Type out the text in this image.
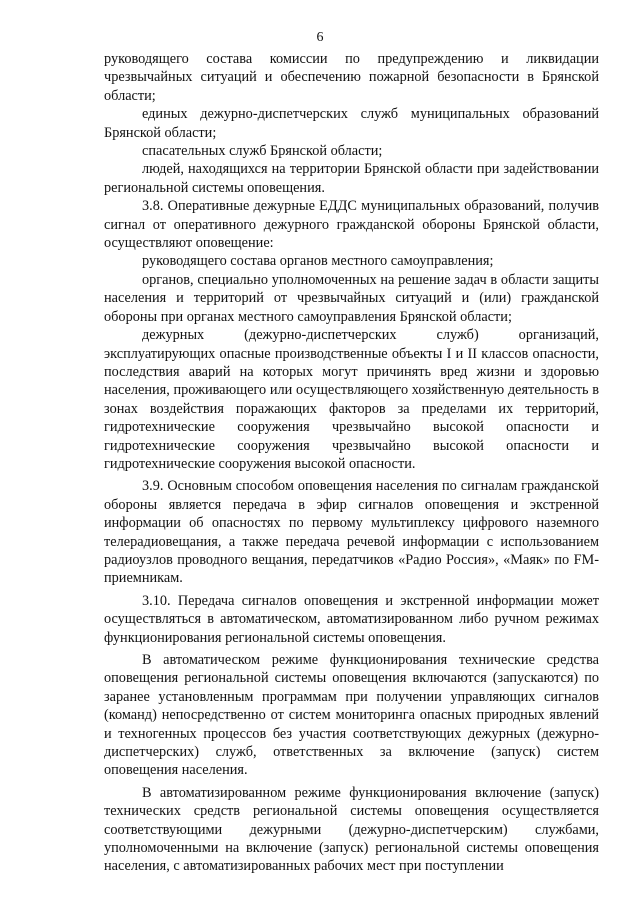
6

руководящего состава комиссии по предупреждению и ликвидации чрезвычайных ситуаций и обеспечению пожарной безопасности в Брянской области;

единых дежурно-диспетчерских служб муниципальных образований Брянской области;

спасательных служб Брянской области;

людей, находящихся на территории Брянской области при задействовании региональной системы оповещения.

3.8. Оперативные дежурные ЕДДС муниципальных образований, получив сигнал от оперативного дежурного гражданской обороны Брянской области, осуществляют оповещение:

руководящего состава органов местного самоуправления;

органов, специально уполномоченных на решение задач в области защиты населения и территорий от чрезвычайных ситуаций и (или) гражданской обороны при органах местного самоуправления Брянской области;

дежурных (дежурно-диспетчерских служб) организаций, эксплуатирующих опасные производственные объекты I и II классов опасности, последствия аварий на которых могут причинять вред жизни и здоровью населения, проживающего или осуществляющего хозяйственную деятельность в зонах воздействия поражающих факторов за пределами их территорий, гидротехнические сооружения чрезвычайно высокой опасности и гидротехнические сооружения чрезвычайно высокой опасности и гидротехнические сооружения высокой опасности.

3.9. Основным способом оповещения населения по сигналам гражданской обороны является передача в эфир сигналов оповещения и экстренной информации об опасностях по первому мультиплексу цифрового наземного телерадиовещания, а также передача речевой информации с использованием радиоузлов проводного вещания, передатчиков «Радио Россия», «Маяк» по FM-приемникам.

3.10. Передача сигналов оповещения и экстренной информации может осуществляться в автоматическом, автоматизированном либо ручном режимах функционирования региональной системы оповещения.

В автоматическом режиме функционирования технические средства оповещения региональной системы оповещения включаются (запускаются) по заранее установленным программам при получении управляющих сигналов (команд) непосредственно от систем мониторинга опасных природных явлений и техногенных процессов без участия соответствующих дежурных (дежурно-диспетчерских) служб, ответственных за включение (запуск) систем оповещения населения.

В автоматизированном режиме функционирования включение (запуск) технических средств региональной системы оповещения осуществляется соответствующими дежурными (дежурно-диспетчерским) службами, уполномоченными на включение (запуск) региональной системы оповещения населения, с автоматизированных рабочих мест при поступлении
